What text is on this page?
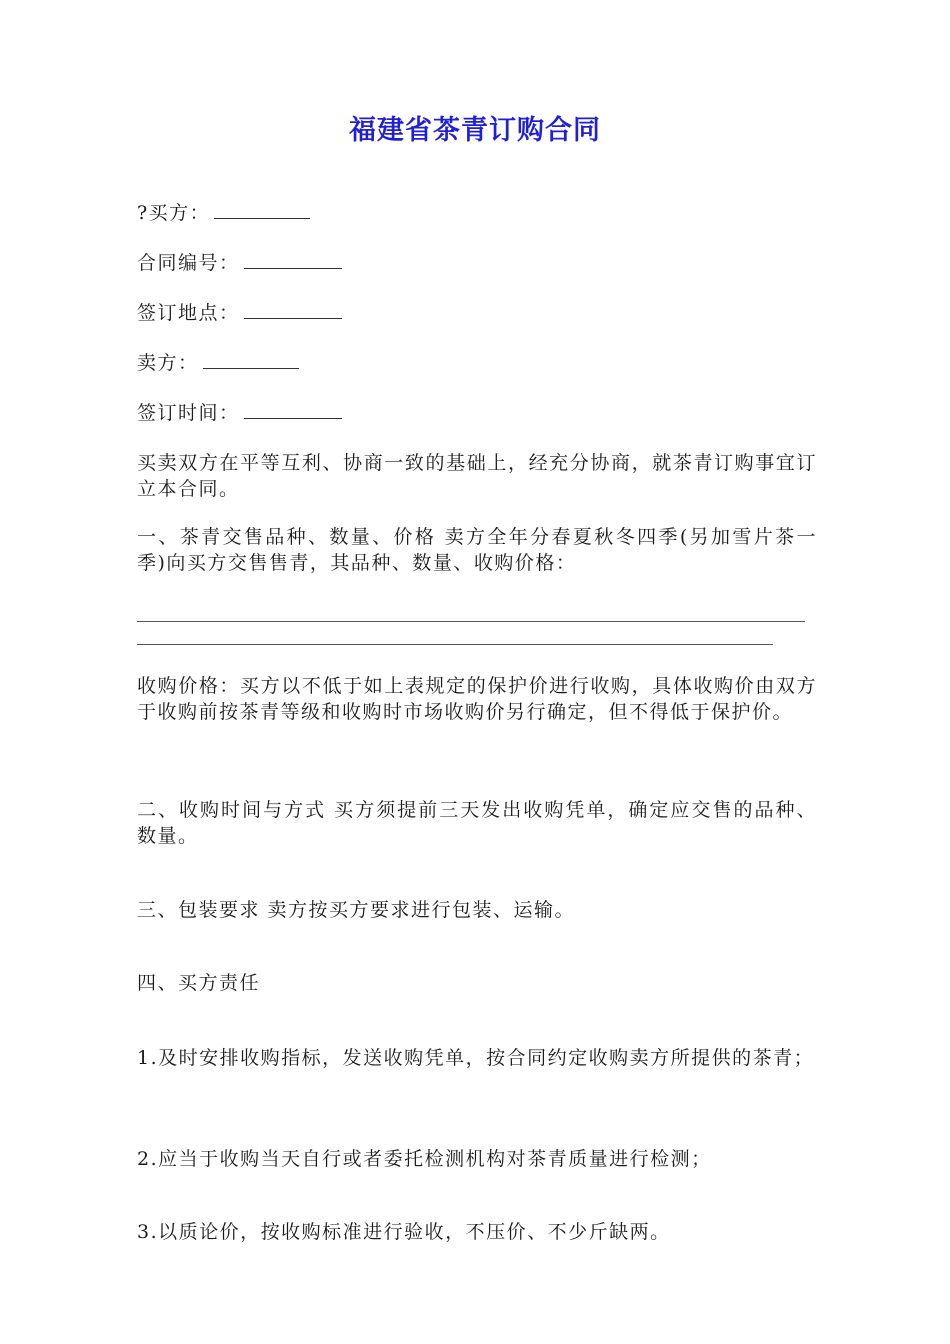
福建省茶青订购合同
?买方：
合同编号：
签订地点：
卖方：
签订时间：

买卖双方在平等互利、协商一致的基础上，经充分协商，就茶青订购事宜订立本合同。

一、茶青交售品种、数量、价格 卖方全年分春夏秋冬四季(另加雪片茶一季)向买方交售售青，其品种、数量、收购价格：

收购价格：买方以不低于如上表规定的保护价进行收购，具体收购价由双方于收购前按茶青等级和收购时市场收购价另行确定，但不得低于保护价。

二、收购时间与方式 买方须提前三天发出收购凭单，确定应交售的品种、数量。

三、包装要求 卖方按买方要求进行包装、运输。

四、买方责任

1.及时安排收购指标，发送收购凭单，按合同约定收购卖方所提供的茶青；

2.应当于收购当天自行或者委托检测机构对茶青质量进行检测；

3.以质论价，按收购标准进行验收，不压价、不少斤缺两。
